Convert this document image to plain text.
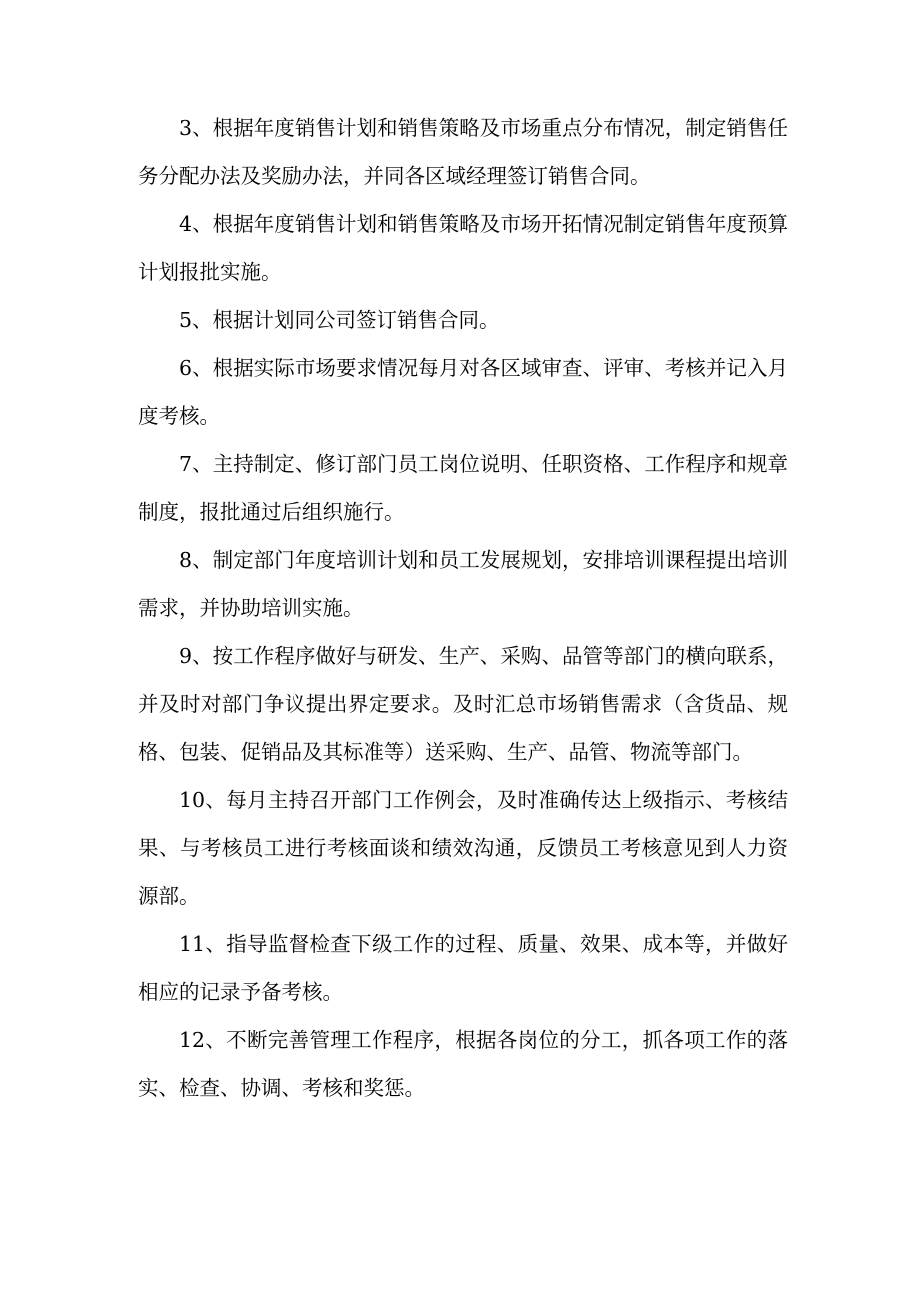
3、根据年度销售计划和销售策略及市场重点分布情况，制定销售任务分配办法及奖励办法，并同各区域经理签订销售合同。

4、根据年度销售计划和销售策略及市场开拓情况制定销售年度预算计划报批实施。

5、根据计划同公司签订销售合同。

6、根据实际市场要求情况每月对各区域审查、评审、考核并记入月度考核。

7、主持制定、修订部门员工岗位说明、任职资格、工作程序和规章制度，报批通过后组织施行。

8、制定部门年度培训计划和员工发展规划，安排培训课程提出培训需求，并协助培训实施。

9、按工作程序做好与研发、生产、采购、品管等部门的横向联系，并及时对部门争议提出界定要求。及时汇总市场销售需求（含货品、规格、包装、促销品及其标准等）送采购、生产、品管、物流等部门。

10、每月主持召开部门工作例会，及时准确传达上级指示、考核结果、与考核员工进行考核面谈和绩效沟通，反馈员工考核意见到人力资源部。

11、指导监督检查下级工作的过程、质量、效果、成本等，并做好相应的记录予备考核。

12、不断完善管理工作程序，根据各岗位的分工，抓各项工作的落实、检查、协调、考核和奖惩。
